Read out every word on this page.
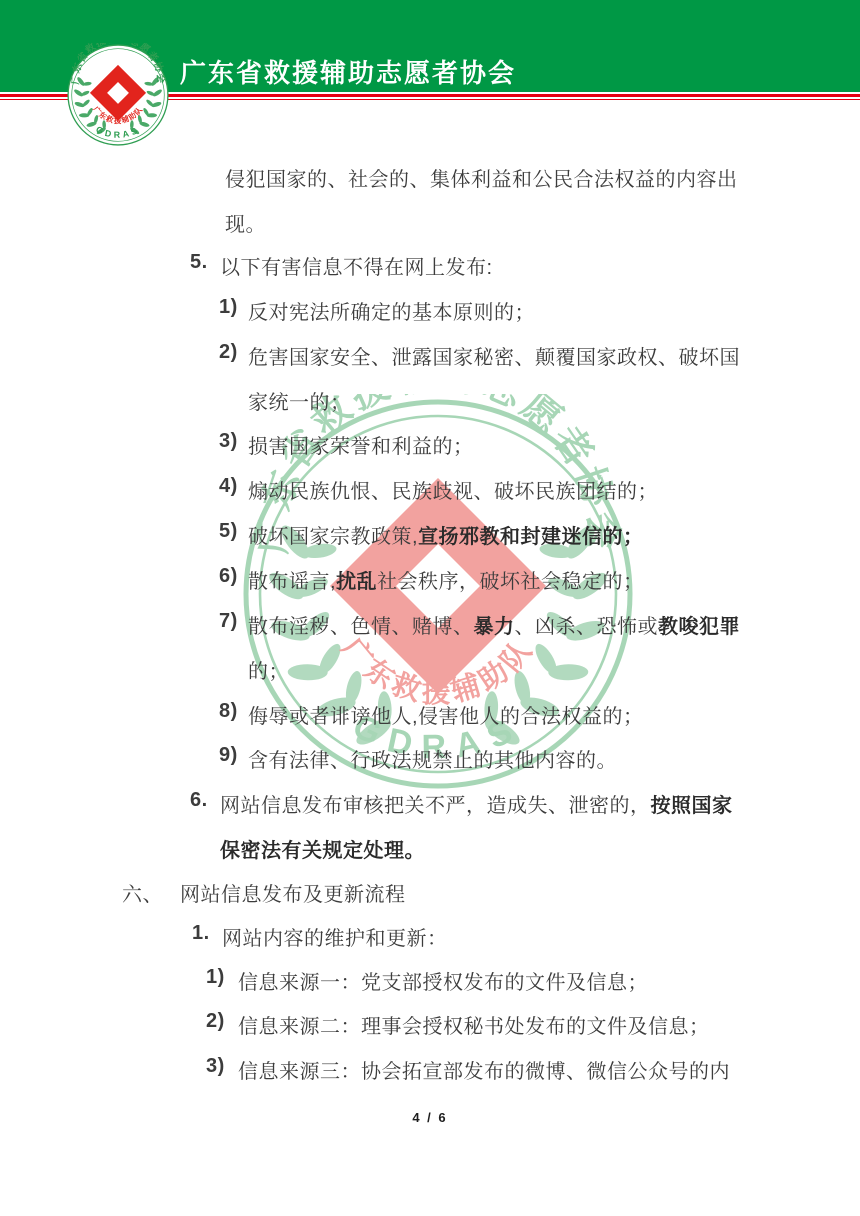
广东省救援辅助志愿者协会
侵犯国家的、社会的、集体利益和公民合法权益的内容出
现。
5. 以下有害信息不得在网上发布:
1) 反对宪法所确定的基本原则的；
2) 危害国家安全、泄露国家秘密、颠覆国家政权、破坏国
家统一的；
3) 损害国家荣誉和利益的；
4) 煽动民族仇恨、民族歧视、破坏民族团结的；
5) 破坏国家宗教政策,宣扬邪教和封建迷信的；
6) 散布谣言,扰乱社会秩序，破坏社会稳定的；
7) 散布淫秽、色情、赌博、暴力、凶杀、恐怖或教唆犯罪
的；
8) 侮辱或者诽谤他人,侵害他人的合法权益的；
9) 含有法律、行政法规禁止的其他内容的。
6. 网站信息发布审核把关不严，造成失、泄密的，按照国家
保密法有关规定处理。
六、 网站信息发布及更新流程
1. 网站内容的维护和更新：
1) 信息来源一：党支部授权发布的文件及信息；
2) 信息来源二：理事会授权秘书处发布的文件及信息；
3) 信息来源三：协会拓宣部发布的微博、微信公众号的内
4 / 6
